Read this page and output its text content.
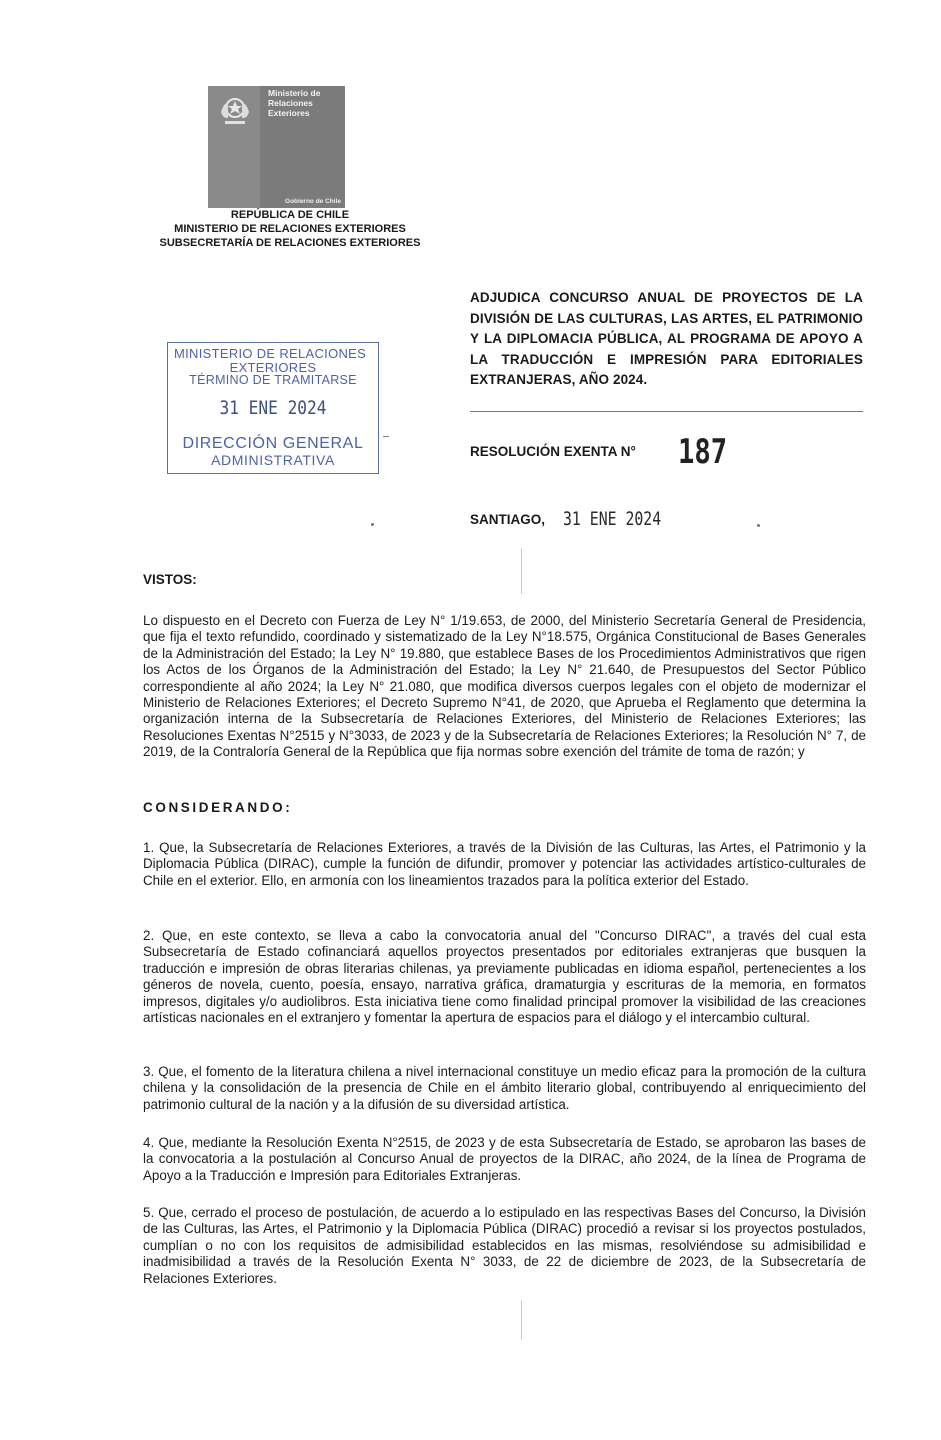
Ministerio de
Relaciones
Exteriores
Gobierno de Chile
REPÚBLICA DE CHILE
MINISTERIO DE RELACIONES EXTERIORES
SUBSECRETARÍA DE RELACIONES EXTERIORES
ADJUDICA CONCURSO ANUAL DE PROYECTOS DE LA DIVISIÓN DE LAS CULTURAS, LAS ARTES, EL PATRIMONIO Y LA DIPLOMACIA PÚBLICA, AL PROGRAMA DE APOYO A LA TRADUCCIÓN E IMPRESIÓN PARA EDITORIALES EXTRANJERAS, AÑO 2024.
MINISTERIO DE RELACIONES
EXTERIORES
TÉRMINO DE TRAMITARSE
31 ENE 2024
DIRECCIÓN GENERAL
ADMINISTRATIVA
RESOLUCIÓN EXENTA N° 187
SANTIAGO, 31 ENE 2024
VISTOS:
Lo dispuesto en el Decreto con Fuerza de Ley N° 1/19.653, de 2000, del Ministerio Secretaría General de Presidencia, que fija el texto refundido, coordinado y sistematizado de la Ley N°18.575, Orgánica Constitucional de Bases Generales de la Administración del Estado; la Ley N° 19.880, que establece Bases de los Procedimientos Administrativos que rigen los Actos de los Órganos de la Administración del Estado; la Ley N° 21.640, de Presupuestos del Sector Público correspondiente al año 2024; la Ley N° 21.080, que modifica diversos cuerpos legales con el objeto de modernizar el Ministerio de Relaciones Exteriores; el Decreto Supremo N°41, de 2020, que Aprueba el Reglamento que determina la organización interna de la Subsecretaría de Relaciones Exteriores, del Ministerio de Relaciones Exteriores; las Resoluciones Exentas N°2515 y N°3033, de 2023 y de la Subsecretaría de Relaciones Exteriores; la Resolución N° 7, de 2019, de la Contraloría General de la República que fija normas sobre exención del trámite de toma de razón; y
CONSIDERANDO:
1. Que, la Subsecretaría de Relaciones Exteriores, a través de la División de las Culturas, las Artes, el Patrimonio y la Diplomacia Pública (DIRAC), cumple la función de difundir, promover y potenciar las actividades artístico-culturales de Chile en el exterior. Ello, en armonía con los lineamientos trazados para la política exterior del Estado.
2. Que, en este contexto, se lleva a cabo la convocatoria anual del "Concurso DIRAC", a través del cual esta Subsecretaría de Estado cofinanciará aquellos proyectos presentados por editoriales extranjeras que busquen la traducción e impresión de obras literarias chilenas, ya previamente publicadas en idioma español, pertenecientes a los géneros de novela, cuento, poesía, ensayo, narrativa gráfica, dramaturgia y escrituras de la memoria, en formatos impresos, digitales y/o audiolibros. Esta iniciativa tiene como finalidad principal promover la visibilidad de las creaciones artísticas nacionales en el extranjero y fomentar la apertura de espacios para el diálogo y el intercambio cultural.
3. Que, el fomento de la literatura chilena a nivel internacional constituye un medio eficaz para la promoción de la cultura chilena y la consolidación de la presencia de Chile en el ámbito literario global, contribuyendo al enriquecimiento del patrimonio cultural de la nación y a la difusión de su diversidad artística.
4. Que, mediante la Resolución Exenta N°2515, de 2023 y de esta Subsecretaría de Estado, se aprobaron las bases de la convocatoria a la postulación al Concurso Anual de proyectos de la DIRAC, año 2024, de la línea de Programa de Apoyo a la Traducción e Impresión para Editoriales Extranjeras.
5. Que, cerrado el proceso de postulación, de acuerdo a lo estipulado en las respectivas Bases del Concurso, la División de las Culturas, las Artes, el Patrimonio y la Diplomacia Pública (DIRAC) procedió a revisar si los proyectos postulados, cumplían o no con los requisitos de admisibilidad establecidos en las mismas, resolviéndose su admisibilidad e inadmisibilidad a través de la Resolución Exenta N° 3033, de 22 de diciembre de 2023, de la Subsecretaría de Relaciones Exteriores.
